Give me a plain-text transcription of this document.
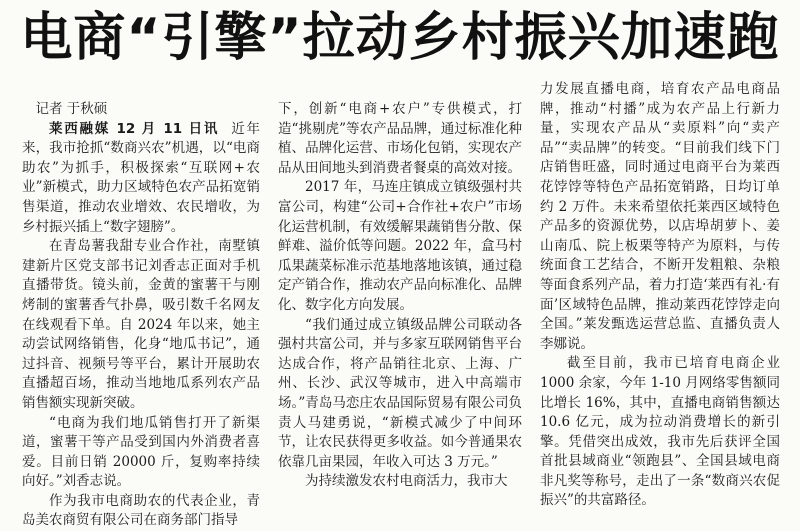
电商“引擎”拉动乡村振兴加速跑

记者 于秋硕

莱西融媒 12 月 11 日讯 近年来，我市抢抓“数商兴农”机遇，以“电商助农”为抓手，积极探索“互联网+农业”新模式，助力区域特色农产品拓宽销售渠道，推动农业增效、农民增收，为乡村振兴插上“数字翅膀”。

在青岛薯我甜专业合作社，南墅镇建新片区党支部书记刘香志正面对手机直播带货。镜头前，金黄的蜜薯干与刚烤制的蜜薯香气扑鼻，吸引数千名网友在线观看下单。自 2024 年以来，她主动尝试网络销售，化身“地瓜书记”，通过抖音、视频号等平台，累计开展助农直播超百场，推动当地地瓜系列农产品销售额实现新突破。

“电商为我们地瓜销售打开了新渠道，蜜薯干等产品受到国内外消费者喜爱。目前日销 20000 斤，复购率持续向好。”刘香志说。

作为我市电商助农的代表企业，青岛美农商贸有限公司在商务部门指导

下，创新“电商+农户”专供模式，打造“挑剔虎”等农产品品牌，通过标准化种植、品牌化运营、市场化包销，实现农产品从田间地头到消费者餐桌的高效对接。

2017 年，马连庄镇成立镇级强村共富公司，构建“公司+合作社+农户”市场化运营机制，有效缓解果蔬销售分散、保鲜难、溢价低等问题。2022 年，盒马村瓜果蔬菜标准示范基地落地该镇，通过稳定产销合作，推动农产品向标准化、品牌化、数字化方向发展。

“我们通过成立镇级品牌公司联动各强村共富公司，并与多家互联网销售平台达成合作，将产品销往北京、上海、广州、长沙、武汉等城市，进入中高端市场。”青岛马恋庄农品国际贸易有限公司负责人马建勇说，“新模式减少了中间环节，让农民获得更多收益。如今普通果农依靠几亩果园，年收入可达 3 万元。”

为持续激发农村电商活力，我市大

力发展直播电商，培育农产品电商品牌，推动“村播”成为农产品上行新力量，实现农产品从“卖原料”向“卖产品”“卖品牌”的转变。“目前我们线下门店销售旺盛，同时通过电商平台为莱西花饽饽等特色产品拓宽销路，日均订单约 2 万件。未来希望依托莱西区域特色产品多的资源优势，以店埠胡萝卜、姜山南瓜、院上板栗等特产为原料，与传统面食工艺结合，不断开发粗粮、杂粮等面食系列产品，着力打造‘莱西有礼·有面’区域特色品牌，推动莱西花饽饽走向全国。”莱发甄选运营总监、直播负责人李娜说。

截至目前，我市已培育电商企业 1000 余家，今年 1-10 月网络零售额同比增长 16%，其中，直播电商销售额达 10.6 亿元，成为拉动消费增长的新引擎。凭借突出成效，我市先后获评全国首批县域商业“领跑县”、全国县域电商非凡奖等称号，走出了一条“数商兴农促振兴”的共富路径。
